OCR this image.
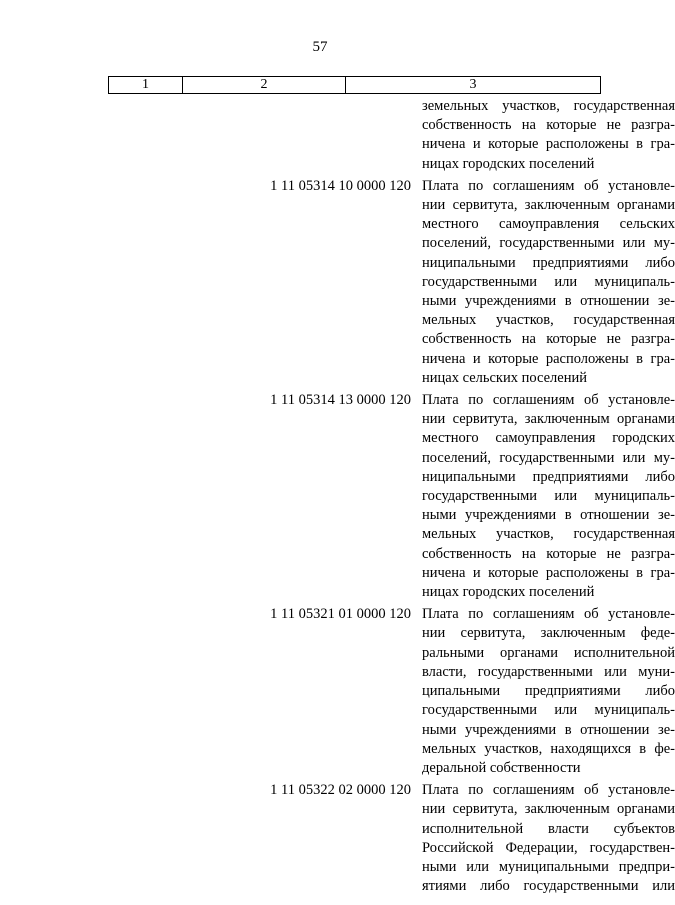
57
1	2	3
земельных участков, государственная
собственность на которые не разгра-
ничена и которые расположены в гра-
ницах городских поселений
1 11 05314 10 0000 120 Плата по соглашениям об установле-
нии сервитута, заключенным органами
местного самоуправления сельских
поселений, государственными или му-
ниципальными предприятиями либо
государственными или муниципаль-
ными учреждениями в отношении зе-
мельных участков, государственная
собственность на которые не разгра-
ничена и которые расположены в гра-
ницах сельских поселений
1 11 05314 13 0000 120 Плата по соглашениям об установле-
нии сервитута, заключенным органами
местного самоуправления городских
поселений, государственными или му-
ниципальными предприятиями либо
государственными или муниципаль-
ными учреждениями в отношении зе-
мельных участков, государственная
собственность на которые не разгра-
ничена и которые расположены в гра-
ницах городских поселений
1 11 05321 01 0000 120 Плата по соглашениям об установле-
нии сервитута, заключенным феде-
ральными органами исполнительной
власти, государственными или муни-
ципальными предприятиями либо
государственными или муниципаль-
ными учреждениями в отношении зе-
мельных участков, находящихся в фе-
деральной собственности
1 11 05322 02 0000 120 Плата по соглашениям об установле-
нии сервитута, заключенным органами
исполнительной власти субъектов
Российской Федерации, государствен-
ными или муниципальными предпри-
ятиями либо государственными или
